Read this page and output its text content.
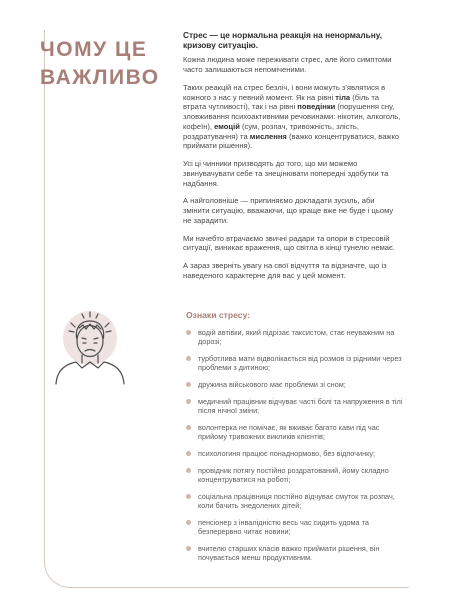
ЧОМУ ЦЕ
ВАЖЛИВО

Стрес — це нормальна реакція на ненормальну, кризову ситуацію.

Кожна людина може переживати стрес, але його симптоми часто залишаються непоміченими.

Таких реакцій на стрес безліч, і вони можуть з'являтися в кожного з нас у певний момент. Як на рівні тіла (біль та втрата чутливості), так і на рівні поведінки (порушення сну, зловживання психоактивними речовинами: нікотин, алкоголь, кофеїн), емоцій (сум, розпач, тривожність, злість, роздратування) та мислення (важко концентруватися, важко приймати рішення).

Усі ці чинники призводять до того, що ми можемо звинувачувати себе та знецінювати попередні здобутки та надбання.

А найголовніше — припиняємо докладати зусиль, аби змінити ситуацію, вважаючи, що краще вже не буде і цьому не зарадити.

Ми начебто втрачаємо звичні радари та опори в стресовій ситуації, виникає враження, що світла в кінці тунелю немає.

А зараз зверніть увагу на свої відчуття та відзначте, що із наведеного характерне для вас у цей момент.

Ознаки стресу:
водій автівки, який підрізає таксистом, стає неуважним на дорозі;
турботлива мати відволікається від розмов із рідними через проблеми з дитиною;
дружина військового має проблеми зі сном;
медичний працівник відчуває часті болі та напруження в тілі після нічної зміни;
волонтерка не помічає, як вживає багато кави під час прийому тривожних викликів клієнтів;
психологиня працює понаднормово, без відпочинку;
провідник потягу постійно роздратований, йому складно концентруватися на роботі;
соціальна працівниця постійно відчуває смуток та розпач, коли бачить знедолених дітей;
пенсіонер з інвалідністю весь час сидить удома та безперервно читає новини;
вчителю старших класів важко приймати рішення, він почувається менш продуктивним.
